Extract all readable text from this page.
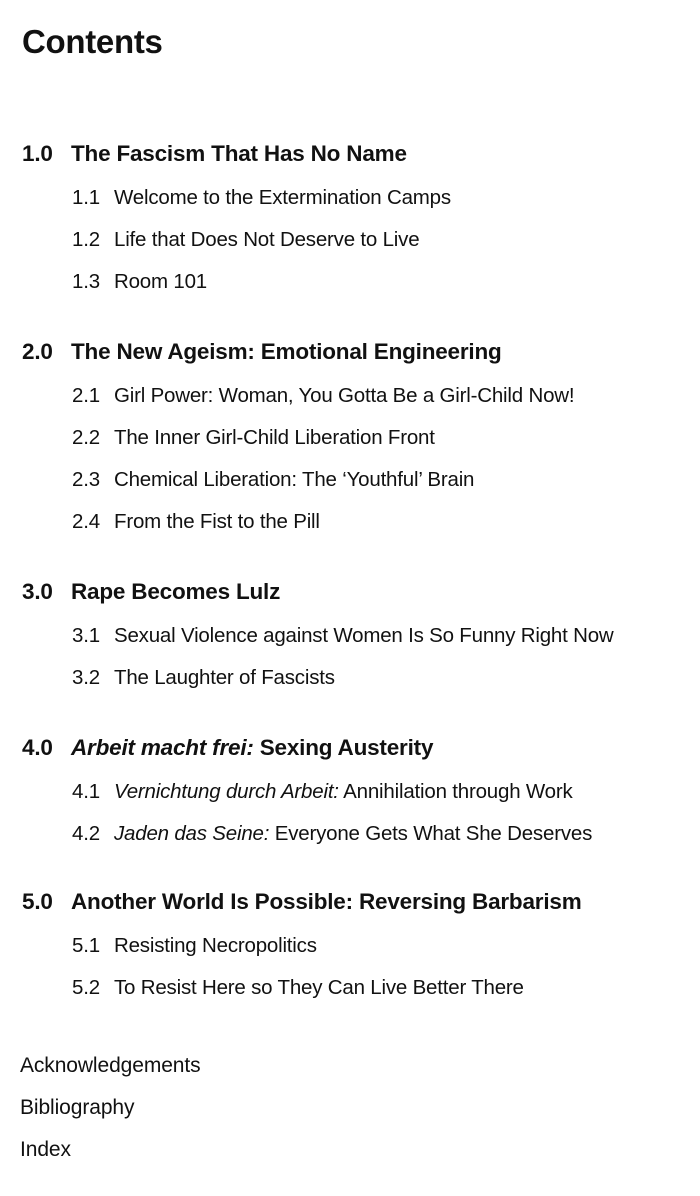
Contents
1.0 The Fascism That Has No Name
1.1 Welcome to the Extermination Camps
1.2 Life that Does Not Deserve to Live
1.3 Room 101
2.0 The New Ageism: Emotional Engineering
2.1 Girl Power: Woman, You Gotta Be a Girl-Child Now!
2.2 The Inner Girl-Child Liberation Front
2.3 Chemical Liberation: The ‘Youthful’ Brain
2.4 From the Fist to the Pill
3.0 Rape Becomes Lulz
3.1 Sexual Violence against Women Is So Funny Right Now
3.2 The Laughter of Fascists
4.0 Arbeit macht frei: Sexing Austerity
4.1 Vernichtung durch Arbeit: Annihilation through Work
4.2 Jaden das Seine: Everyone Gets What She Deserves
5.0 Another World Is Possible: Reversing Barbarism
5.1 Resisting Necropolitics
5.2 To Resist Here so They Can Live Better There
Acknowledgements
Bibliography
Index
